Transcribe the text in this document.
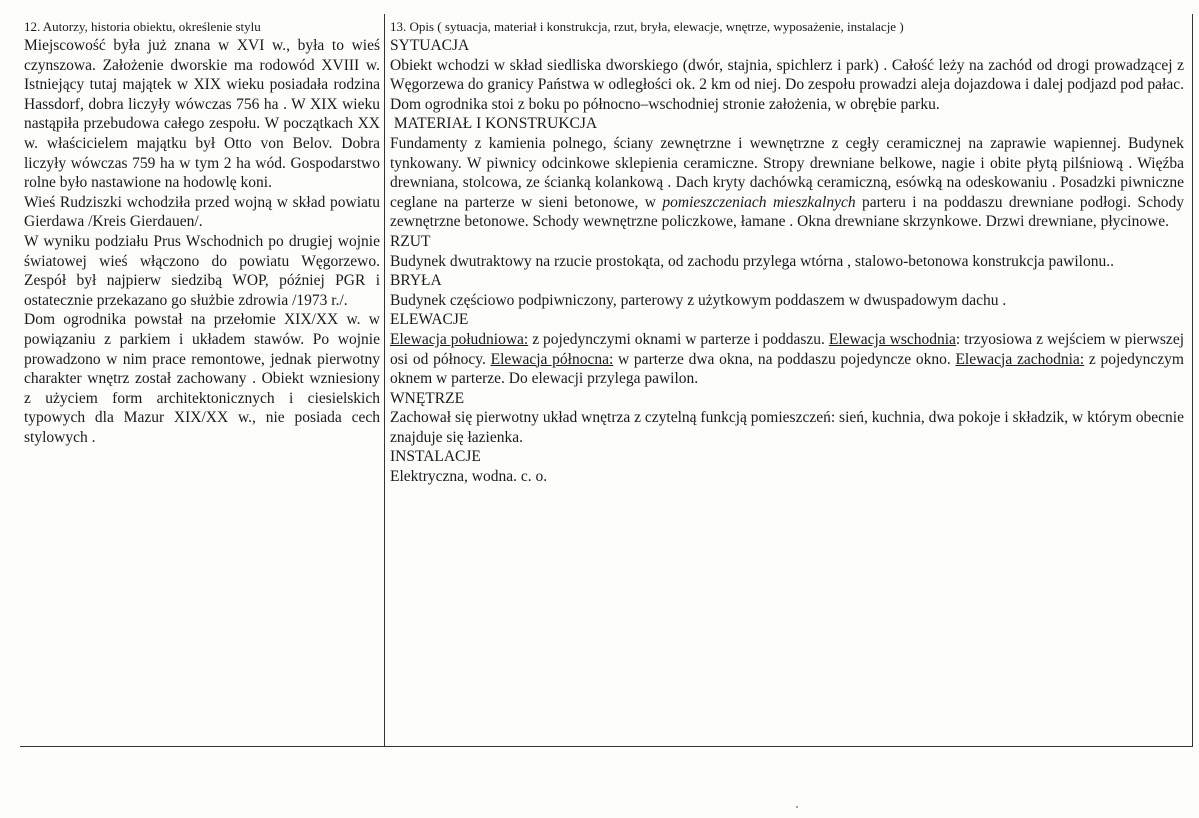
12. Autorzy, historia obiektu, określenie stylu

Miejscowość była już znana w XVI w., była to wieś czynszowa. Założenie dworskie ma rodowód XVIII w. Istniejący tutaj majątek w XIX wieku posiadała rodzina Hassdorf, dobra liczyły wówczas 756 ha . W XIX wieku nastąpiła przebudowa całego zespołu. W początkach XX w. właścicielem majątku był Otto von Belov. Dobra liczyły wówczas 759 ha w tym 2 ha wód. Gospodarstwo rolne było nastawione na hodowlę koni.

Wieś Rudziszki wchodziła przed wojną w skład powiatu Gierdawa /Kreis Gierdauen/.

W wyniku podziału Prus Wschodnich po drugiej wojnie światowej wieś włączono do powiatu Węgorzewo. Zespół był najpierw siedzibą WOP, później PGR i ostatecznie przekazano go służbie zdrowia /1973 r./.

Dom ogrodnika powstał na przełomie XIX/XX w. w powiązaniu z parkiem i układem stawów. Po wojnie prowadzono w nim prace remontowe, jednak pierwotny charakter wnętrz został zachowany . Obiekt wzniesiony z użyciem form architektonicznych i ciesielskich typowych dla Mazur XIX/XX w., nie posiada cech stylowych .

13. Opis ( sytuacja, materiał i konstrukcja, rzut, bryła, elewacje, wnętrze, wyposażenie, instalacje )

SYTUACJA

Obiekt wchodzi w skład siedliska dworskiego (dwór, stajnia, spichlerz i park) . Całość leży na zachód od drogi prowadzącej z Węgorzewa do granicy Państwa w odległości ok. 2 km od niej. Do zespołu prowadzi aleja dojazdowa i dalej podjazd pod pałac. Dom ogrodnika stoi z boku po północno–wschodniej stronie założenia, w obrębie parku.

MATERIAŁ I KONSTRUKCJA

Fundamenty z kamienia polnego, ściany zewnętrzne i wewnętrzne z cegły ceramicznej na zaprawie wapiennej. Budynek tynkowany. W piwnicy odcinkowe sklepienia ceramiczne. Stropy drewniane belkowe, nagie i obite płytą pilśniową . Więźba drewniana, stolcowa, ze ścianką kolankową . Dach kryty dachówką ceramiczną, esówką na odeskowaniu . Posadzki piwniczne ceglane na parterze w sieni betonowe, w pomieszczeniach mieszkalnych parteru i na poddaszu drewniane podłogi. Schody zewnętrzne betonowe. Schody wewnętrzne policzkowe, łamane . Okna drewniane skrzynkowe. Drzwi drewniane, płycinowe.

RZUT

Budynek dwutraktowy na rzucie prostokąta, od zachodu przylega wtórna , stalowo-betonowa konstrukcja pawilonu..

BRYŁA

Budynek częściowo podpiwniczony, parterowy z użytkowym poddaszem w dwuspadowym dachu .

ELEWACJE

Elewacja południowa: z pojedynczymi oknami w parterze i poddaszu. Elewacja wschodnia: trzyosiowa z wejściem w pierwszej osi od północy. Elewacja północna: w parterze dwa okna, na poddaszu pojedyncze okno. Elewacja zachodnia: z pojedynczym oknem w parterze. Do elewacji przylega pawilon.

WNĘTRZE

Zachował się pierwotny układ wnętrza z czytelną funkcją pomieszczeń: sień, kuchnia, dwa pokoje i składzik, w którym obecnie znajduje się łazienka.

INSTALACJE

Elektryczna, wodna. c. o.
